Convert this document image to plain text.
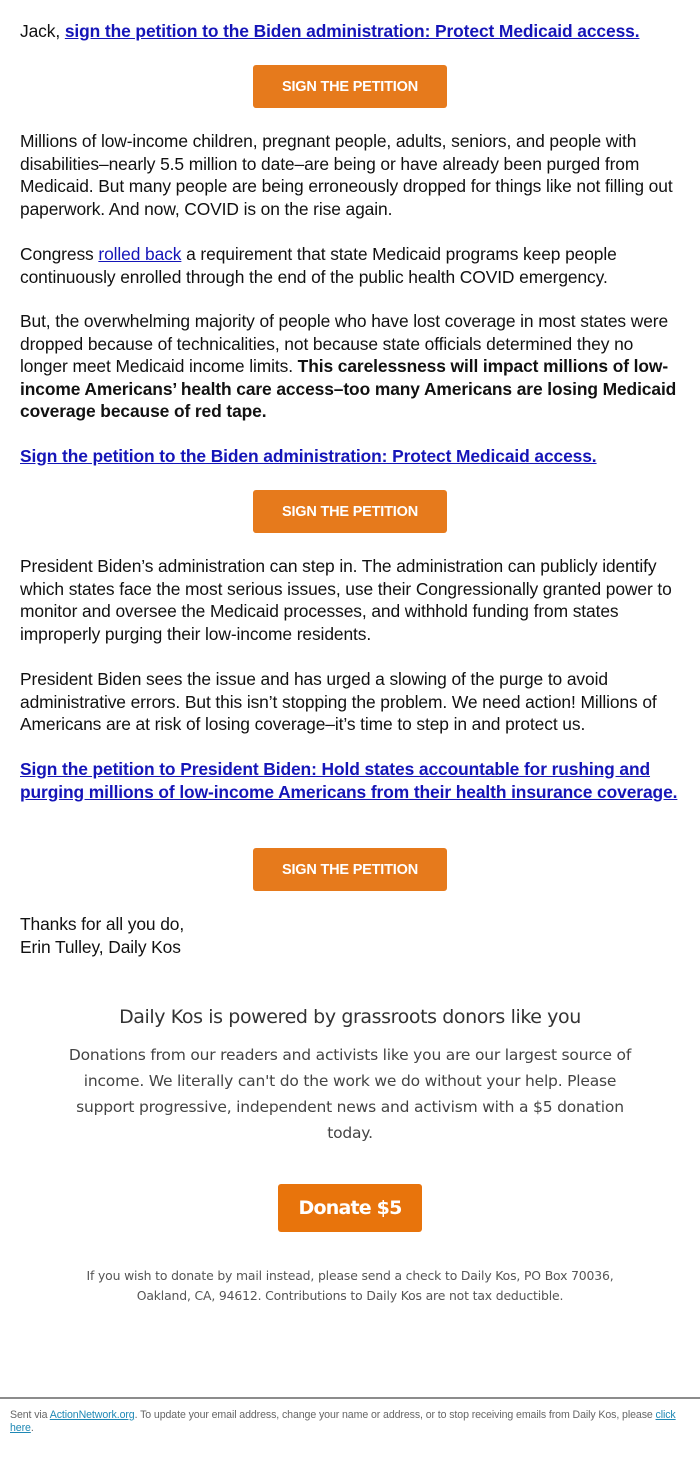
Jack, sign the petition to the Biden administration: Protect Medicaid access.

SIGN THE PETITION

Millions of low-income children, pregnant people, adults, seniors, and people with disabilities–nearly 5.5 million to date–are being or have already been purged from Medicaid. But many people are being erroneously dropped for things like not filling out paperwork. And now, COVID is on the rise again.

Congress rolled back a requirement that state Medicaid programs keep people continuously enrolled through the end of the public health COVID emergency.

But, the overwhelming majority of people who have lost coverage in most states were dropped because of technicalities, not because state officials determined they no longer meet Medicaid income limits. This carelessness will impact millions of low-income Americans’ health care access–too many Americans are losing Medicaid coverage because of red tape.

Sign the petition to the Biden administration: Protect Medicaid access.

SIGN THE PETITION

President Biden’s administration can step in. The administration can publicly identify which states face the most serious issues, use their Congressionally granted power to monitor and oversee the Medicaid processes, and withhold funding from states improperly purging their low-income residents.

President Biden sees the issue and has urged a slowing of the purge to avoid administrative errors. But this isn’t stopping the problem. We need action! Millions of Americans are at risk of losing coverage–it’s time to step in and protect us.

Sign the petition to President Biden: Hold states accountable for rushing and purging millions of low-income Americans from their health insurance coverage.

SIGN THE PETITION

Thanks for all you do,
Erin Tulley, Daily Kos

Daily Kos is powered by grassroots donors like you
Donations from our readers and activists like you are our largest source of income. We literally can't do the work we do without your help. Please support progressive, independent news and activism with a $5 donation today.
Donate $5
If you wish to donate by mail instead, please send a check to Daily Kos, PO Box 70036, Oakland, CA, 94612. Contributions to Daily Kos are not tax deductible.
Sent via ActionNetwork.org. To update your email address, change your name or address, or to stop receiving emails from Daily Kos, please click here.
